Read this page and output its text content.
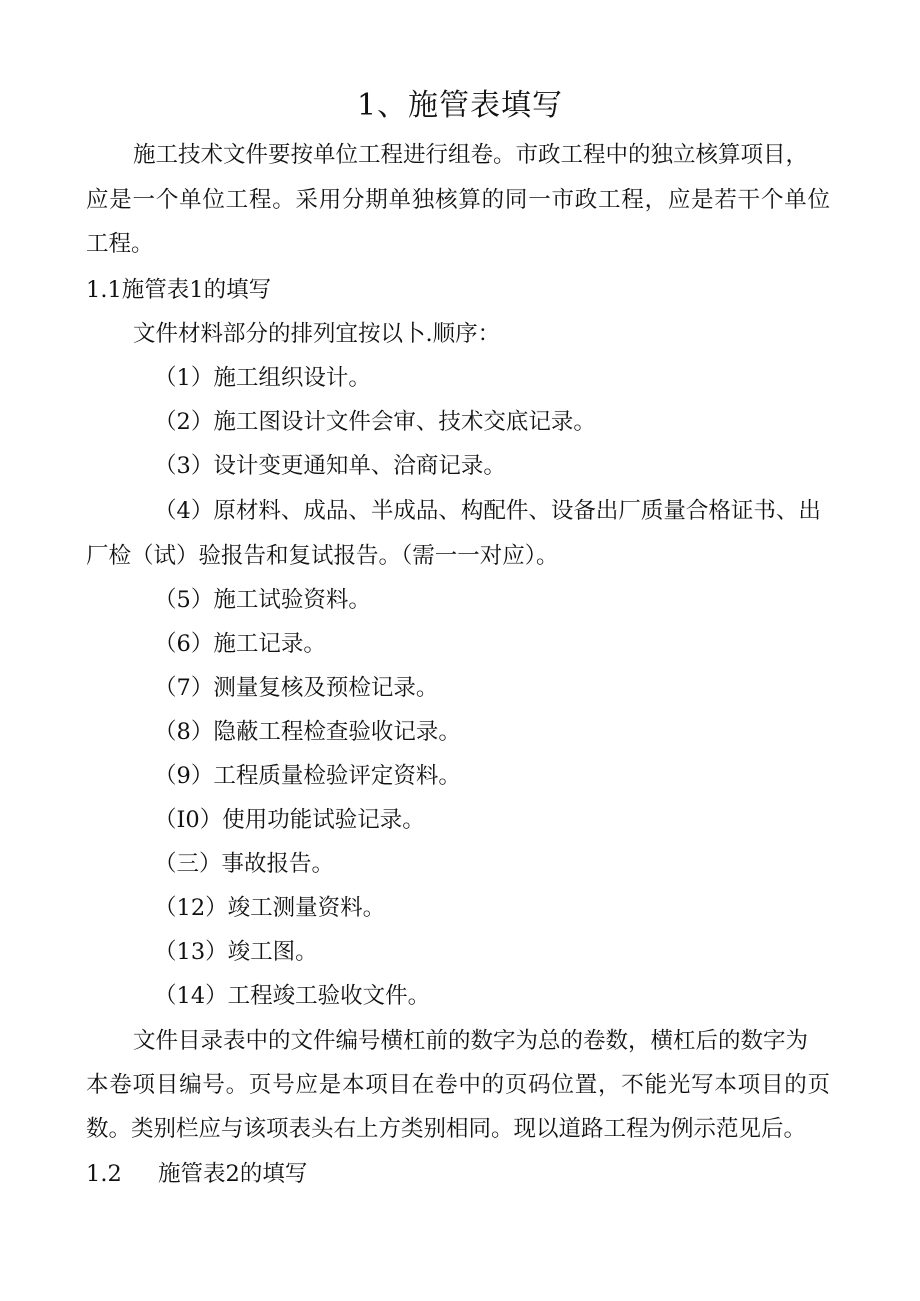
1、施管表填写
施工技术文件要按单位工程进行组卷。市政工程中的独立核算项目，
应是一个单位工程。采用分期单独核算的同一市政工程，应是若干个单位
工程。
1.1施管表1的填写
文件材料部分的排列宜按以卜.顺序：
（1）施工组织设计。
（2）施工图设计文件会审、技术交底记录。
（3）设计变更通知单、洽商记录。
（4）原材料、成品、半成品、构配件、设备出厂质量合格证书、出
厂检（试）验报告和复试报告。（需一一对应）。
（5）施工试验资料。
（6）施工记录。
（7）测量复核及预检记录。
（8）隐蔽工程检查验收记录。
（9）工程质量检验评定资料。
（I0）使用功能试验记录。
（三）事故报告。
（12）竣工测量资料。
（13）竣工图。
（14）工程竣工验收文件。
文件目录表中的文件编号横杠前的数字为总的卷数，横杠后的数字为
本卷项目编号。页号应是本项目在卷中的页码位置，不能光写本项目的页
数。类别栏应与该项表头右上方类别相同。现以道路工程为例示范见后。
1.2 施管表2的填写
